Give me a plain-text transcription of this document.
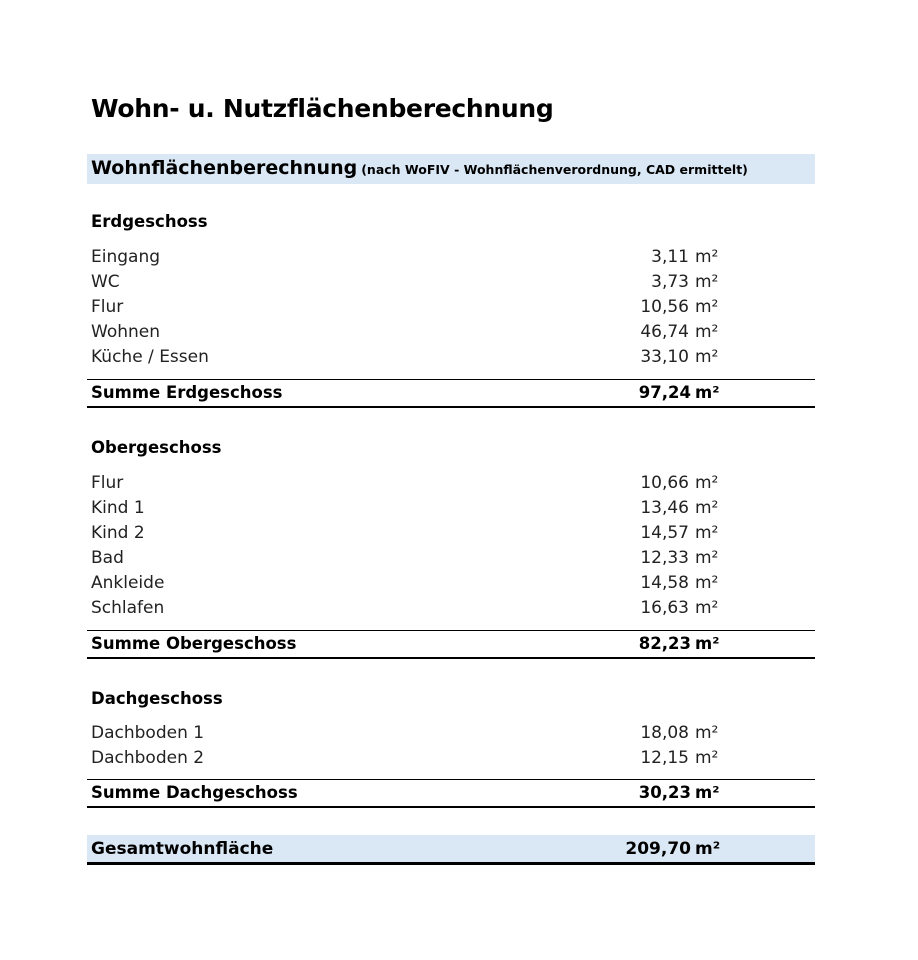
Wohn- u. Nutzflächenberechnung
Wohnflächenberechnung (nach WoFIV - Wohnflächenverordnung, CAD ermittelt)
Erdgeschoss
Eingang	3,11 m²
WC	3,73 m²
Flur	10,56 m²
Wohnen	46,74 m²
Küche / Essen	33,10 m²
Summe Erdgeschoss	97,24 m²
Obergeschoss
Flur	10,66 m²
Kind 1	13,46 m²
Kind 2	14,57 m²
Bad	12,33 m²
Ankleide	14,58 m²
Schlafen	16,63 m²
Summe Obergeschoss	82,23 m²
Dachgeschoss
Dachboden 1	18,08 m²
Dachboden 2	12,15 m²
Summe Dachgeschoss	30,23 m²
Gesamtwohnfläche	209,70 m²
